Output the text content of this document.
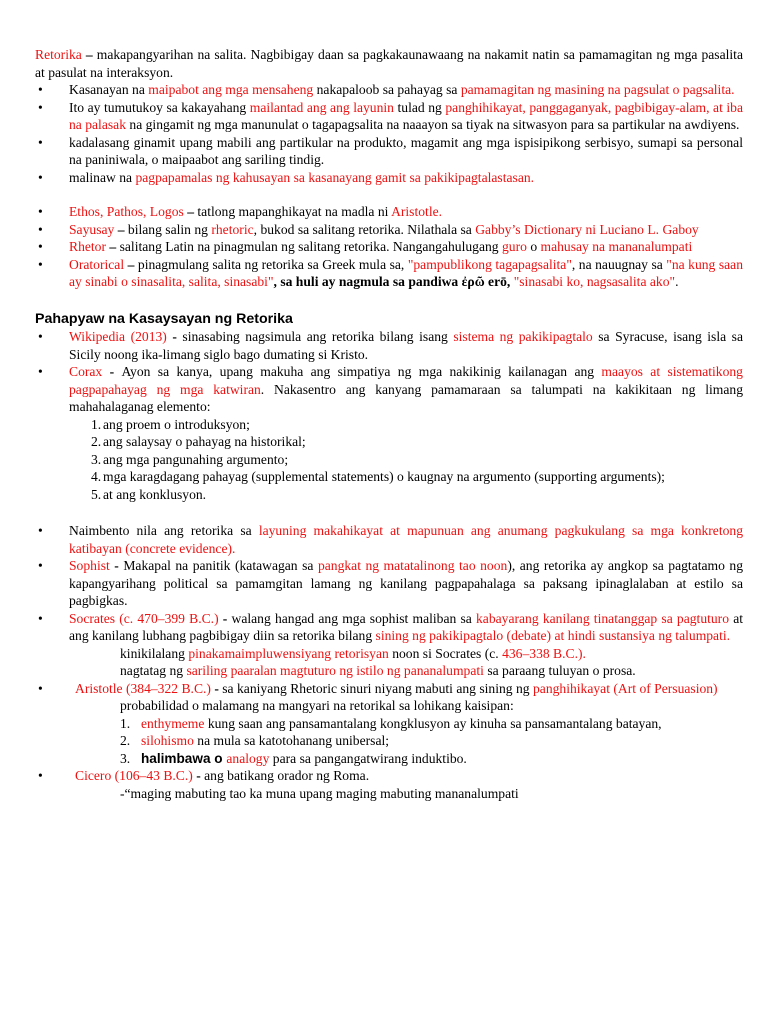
Retorika – makapangyarihan na salita. Nagbibigay daan sa pagkakaunawaang na nakamit natin sa pamamagitan ng mga pasalita at pasulat na interaksyon.

• Kasanayan na maipabot ang mga mensaheng nakapaloob sa pahayag sa pamamagitan ng masining na pagsulat o pagsalita.
• Ito ay tumutukoy sa kakayahang mailantad ang ang layunin tulad ng panghihikayat, panggaganyak, pagbibigay-alam, at iba na palasak na gingamit ng mga manunulat o tagapagsalita na naaayon sa tiyak na sitwasyon para sa partikular na awdiyens.
• kadalasang ginamit upang mabili ang partikular na produkto, magamit ang mga ispisipikong serbisyo, sumapi sa personal na paniniwala, o maipaabot ang sariling tindig.
• malinaw na pagpapamalas ng kahusayan sa kasanayang gamit sa pakikipagtalastasan.
• Ethos, Pathos, Logos – tatlong mapanghikayat na madla ni Aristotle.
• Sayusay – bilang salin ng rhetoric, bukod sa salitang retorika. Nilathala sa Gabby’s Dictionary ni Luciano L. Gaboy
• Rhetor – salitang Latin na pinagmulan ng salitang retorika. Nangangahulugang guro o mahusay na mananalumpati
• Oratorical – pinagmulang salita ng retorika sa Greek mula sa, "pampublikong tagapagsalita", na nauugnay sa "na kung saan ay sinabi o sinasalita, salita, sinasabi", sa huli ay nagmula sa pandiwa ἐρῶ erō, "sinasabi ko, nagsasalita ako".

Pahapyaw na Kasaysayan ng Retorika

• Wikipedia (2013) - sinasabing nagsimula ang retorika bilang isang sistema ng pakikipagtalo sa Syracuse, isang isla sa Sicily noong ika-limang siglo bago dumating si Kristo.
• Corax - Ayon sa kanya, upang makuha ang simpatiya ng mga nakikinig kailanagan ang maayos at sistematikong pagpapahayag ng mga katwiran. Nakasentro ang kanyang pamamaraan sa talumpati na kakikitaan ng limang mahahalaganag elemento:
1. ang proem o introduksyon;
2. ang salaysay o pahayag na historikal;
3. ang mga pangunahing argumento;
4. mga karagdagang pahayag (supplemental statements) o kaugnay na argumento (supporting arguments);
5. at ang konklusyon.
• Naimbento nila ang retorika sa layuning makahikayat at mapunuan ang anumang pagkukulang sa mga konkretong katibayan (concrete evidence).
• Sophist - Makapal na panitik (katawagan sa pangkat ng matatalinong tao noon), ang retorika ay angkop sa pagtatamo ng kapangyarihang political sa pamamgitan lamang ng kanilang pagpapahalaga sa paksang ipinaglalaban at estilo sa pagbigkas.
• Socrates (c. 470–399 B.C.) - walang hangad ang mga sophist maliban sa kabayarang kanilang tinatanggap sa pagtuturo at ang kanilang lubhang pagbibigay diin sa retorika bilang sining ng pakikipagtalo (debate) at hindi sustansiya ng talumpati.
kinikilalang pinakamaimpluwensiyang retorisyan noon si Socrates (c. 436–338 B.C.).
nagtatag ng sariling paaralan magtuturo ng istilo ng pananalumpati sa paraang tuluyan o prosa.
• Aristotle (384–322 B.C.) - sa kaniyang Rhetoric sinuri niyang mabuti ang sining ng panghihikayat (Art of Persuasion)
probabilidad o malamang na mangyari na retorikal sa lohikang kaisipan:
1. enthymeme kung saan ang pansamantalang kongklusyon ay kinuha sa pansamantalang batayan,
2. silohismo na mula sa katotohanang unibersal;
3. halimbawa o analogy para sa pangangatwirang induktibo.
• Cicero (106–43 B.C.) - ang batikang orador ng Roma.
-“maging mabuting tao ka muna upang maging mabuting mananalumpati
